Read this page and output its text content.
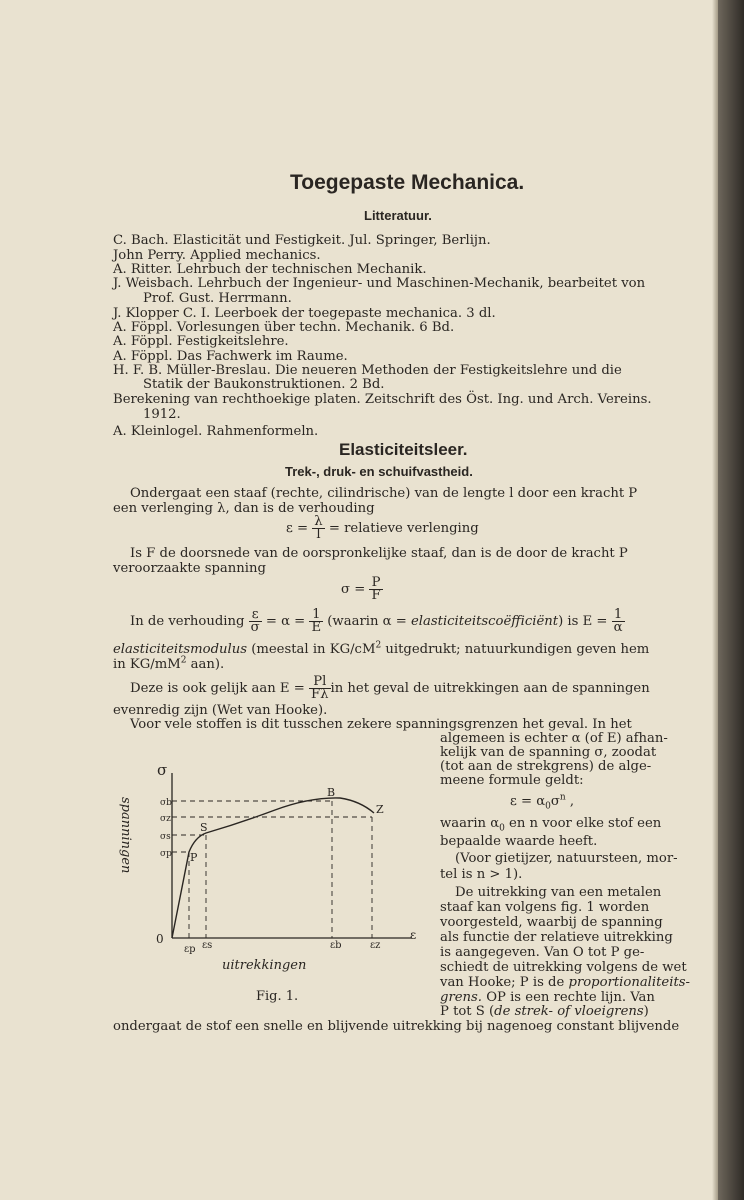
Toegepaste Mechanica.
Litteratuur.
C. Bach. Elasticität und Festigkeit. Jul. Springer, Berlijn.
John Perry. Applied mechanics.
A. Ritter. Lehrbuch der technischen Mechanik.
J. Weisbach. Lehrbuch der Ingenieur- und Maschinen-Mechanik, bearbeitet von
Prof. Gust. Herrmann.
J. Klopper C. I. Leerboek der toegepaste mechanica. 3 dl.
A. Föppl. Vorlesungen über techn. Mechanik. 6 Bd.
A. Föppl. Festigkeitslehre.
A. Föppl. Das Fachwerk im Raume.
H. F. B. Müller-Breslau. Die neueren Methoden der Festigkeitslehre und die
Statik der Baukonstruktionen. 2 Bd.
Berekening van rechthoekige platen. Zeitschrift des Öst. Ing. und Arch. Vereins.
1912.
A. Kleinlogel. Rahmenformeln.
Elasticiteitsleer.
Trek-, druk- en schuifvastheid.
Ondergaat een staaf (rechte, cilindrische) van de lengte l door een kracht P
een verlenging λ, dan is de verhouding
$\varepsilon = \frac{\lambda}{l}$ = relatieve verlenging
Is F de doorsnede van de oorspronkelijke staaf, dan is de door de kracht P
veroorzaakte spanning
$\sigma = \frac{P}{F}$
In de verhouding $\frac{\varepsilon}{\sigma} = \alpha = \frac{1}{E}$ (waarin α = elasticiteitscoëfficiënt) is $E = \frac{1}{\alpha}$
elasticiteitsmodulus (meestal in $KG/cM^2$ uitgedrukt; natuurkundigen geven hem
in $KG/mM^2$ aan).
Deze is ook gelijk aan $E = \frac{Pl}{F\lambda}$ in het geval de uitrekkingen aan de spanningen
evenredig zijn (Wet van Hooke).
Voor vele stoffen is dit tusschen zekere spanningsgrenzen het geval. In het
algemeen is echter α (of E) afhan-
kelijk van de spanning σ, zoodat
(tot aan de strekgrens) de alge-
meene formule geldt:
$\varepsilon = \alpha_0\sigma^n$ ,
waarin $\alpha_0$ en n voor elke stof een
bepaalde waarde heeft.
(Voor gietijzer, natuursteen, mor-
tel is n > 1).
De uitrekking van een metalen
staaf kan volgens fig. 1 worden
voorgesteld, waarbij de spanning
als functie der relatieve uitrekking
is aangegeven. Van O tot P ge-
schiedt de uitrekking volgens de wet
van Hooke; P is de proportionaliteits-
grens. OP is een rechte lijn. Van
P tot S (de strek- of vloeigrens)
ondergaat de stof een snelle en blijvende uitrekking bij nagenoeg constant blijvende
σ
spanningen
0	ε
uitrekkingen
P
S
B
Z
σb
σz
σs
σp
εp εs	εb	εz
Fig. 1.
